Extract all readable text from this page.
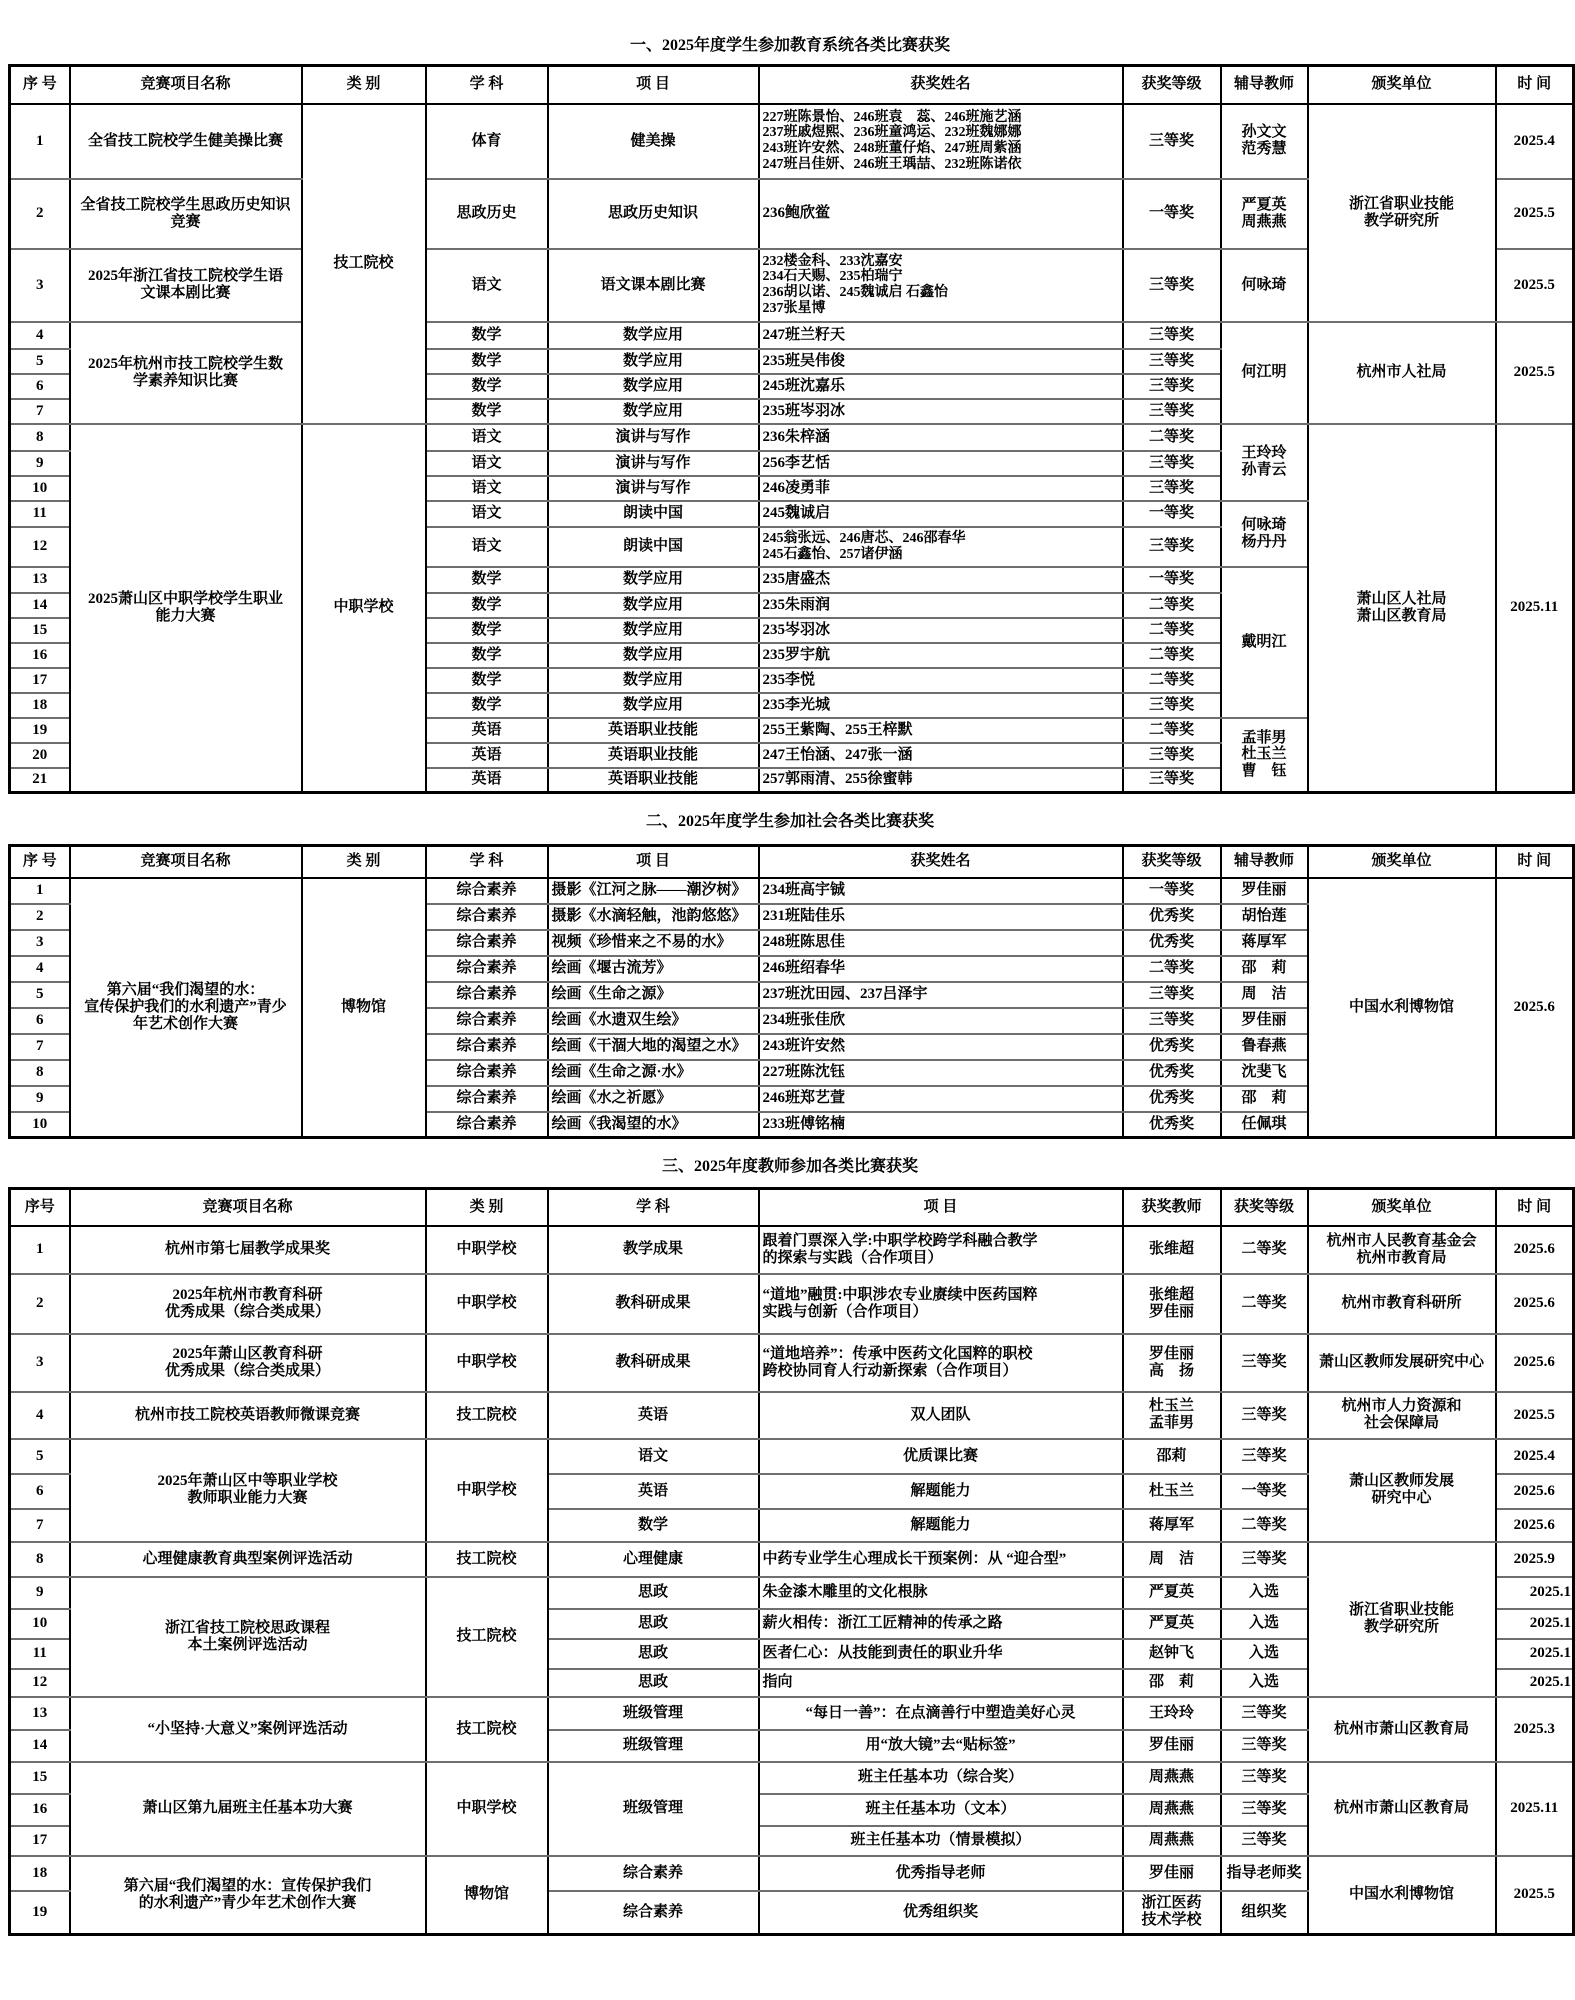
一、2025年度学生参加教育系统各类比赛获奖
序 号	竞赛项目名称	类 别	学 科	项 目	获奖姓名	获奖等级	辅导教师	颁奖单位	时 间
1	全省技工院校学生健美操比赛	技工院校	体育	健美操	227班陈景怡、246班袁　蕊、246班施艺涵
237班戚煜熙、236班童鸿运、232班魏娜娜
243班许安然、248班董仔焰、247班周紫涵
247班吕佳妍、246班王瑀喆、232班陈诺依	三等奖	孙文文
范秀慧	浙江省职业技能
教学研究所	2025.4
2	全省技工院校学生思政历史知识
竞赛		思政历史	思政历史知识	236鲍欣鲎	一等奖	严夏英
周燕燕		2025.5
3	2025年浙江省技工院校学生语
文课本剧比赛		语文	语文课本剧比赛	232楼金科、233沈嘉安
234石天赐、235柏瑞宁
236胡以诺、245魏诚启 石鑫怡
237张星博	三等奖	何咏琦		2025.5
4	2025年杭州市技工院校学生数
学素养知识比赛		数学	数学应用	247班兰籽天	三等奖	何江明	杭州市人社局	2025.5
5			数学	数学应用	235班吴伟俊	三等奖			
6			数学	数学应用	245班沈嘉乐	三等奖			
7			数学	数学应用	235班岑羽冰	三等奖			
8	2025萧山区中职学校学生职业
能力大赛	中职学校	语文	演讲与写作	236朱梓涵	二等奖	王玲玲
孙青云	萧山区人社局
萧山区教育局	2025.11
9			语文	演讲与写作	256李艺恬	三等奖			
10			语文	演讲与写作	246凌勇菲	三等奖			
11			语文	朗读中国	245魏诚启	一等奖	何咏琦
杨丹丹		
12			语文	朗读中国	245翁张远、246唐芯、246邵春华
245石鑫怡、257诸伊涵	三等奖			
13			数学	数学应用	235唐盛杰	一等奖	戴明江		
14			数学	数学应用	235朱雨润	二等奖			
15			数学	数学应用	235岑羽冰	二等奖			
16			数学	数学应用	235罗宇航	二等奖			
17			数学	数学应用	235李悦	二等奖			
18			数学	数学应用	235李光城	三等奖			
19			英语	英语职业技能	255王紫陶、255王梓默	二等奖	孟菲男
杜玉兰
曹　钰		
20			英语	英语职业技能	247王怡涵、247张一涵	三等奖			
21			英语	英语职业技能	257郭雨清、255徐蜜韩	三等奖			
二、2025年度学生参加社会各类比赛获奖
序 号	竞赛项目名称	类 别	学 科	项 目	获奖姓名	获奖等级	辅导教师	颁奖单位	时 间
1	第六届“我们渴望的水：
宣传保护我们的水利遗产”青少
年艺术创作大赛	博物馆	综合素养	摄影《江河之脉——潮汐树》	234班高宇铖	一等奖	罗佳丽	中国水利博物馆	2025.6
2			综合素养	摄影《水滴轻触，池韵悠悠》	231班陆佳乐	优秀奖	胡怡莲		
3			综合素养	视频《珍惜来之不易的水》	248班陈思佳	优秀奖	蒋厚军		
4			综合素养	绘画《堰古流芳》	246班绍春华	二等奖	邵　莉		
5			综合素养	绘画《生命之源》	237班沈田园、237吕泽宇	三等奖	周　洁		
6			综合素养	绘画《水遗双生绘》	234班张佳欣	三等奖	罗佳丽		
7			综合素养	绘画《干涸大地的渴望之水》	243班许安然	优秀奖	鲁春燕		
8			综合素养	绘画《生命之源·水》	227班陈沈钰	优秀奖	沈斐飞		
9			综合素养	绘画《水之祈愿》	246班郑艺萱	优秀奖	邵　莉		
10			综合素养	绘画《我渴望的水》	233班傅铭楠	优秀奖	任佩琪		
三、2025年度教师参加各类比赛获奖
序号	竞赛项目名称	类 别	学 科	项 目	获奖教师	获奖等级	颁奖单位	时 间
1	杭州市第七届教学成果奖	中职学校	教学成果	跟着门票深入学:中职学校跨学科融合教学
的探索与实践（合作项目）	张维超	二等奖	杭州市人民教育基金会
杭州市教育局	2025.6
2	2025年杭州市教育科研
优秀成果（综合类成果）	中职学校	教科研成果	“道地”融贯:中职涉农专业赓续中医药国粹
实践与创新（合作项目）	张维超
罗佳丽	二等奖	杭州市教育科研所	2025.6
3	2025年萧山区教育科研
优秀成果（综合类成果）	中职学校	教科研成果	“道地培养”：传承中医药文化国粹的职校
跨校协同育人行动新探索（合作项目）	罗佳丽
高　扬	三等奖	萧山区教师发展研究中心	2025.6
4	杭州市技工院校英语教师微课竞赛	技工院校	英语	双人团队	杜玉兰
孟菲男	三等奖	杭州市人力资源和
社会保障局	2025.5
5	2025年萧山区中等职业学校
教师职业能力大赛	中职学校	语文	优质课比赛	邵莉	三等奖	萧山区教师发展
研究中心	2025.4
6			英语	解题能力	杜玉兰	一等奖		2025.6
7			数学	解题能力	蒋厚军	二等奖		2025.6
8	心理健康教育典型案例评选活动	技工院校	心理健康	中药专业学生心理成长干预案例：从 “迎合型”	周　洁	三等奖	浙江省职业技能
教学研究所	2025.9
9	浙江省技工院校思政课程
本土案例评选活动	技工院校	思政	朱金漆木雕里的文化根脉	严夏英	入选		2025.1
10			思政	薪火相传：浙江工匠精神的传承之路	严夏英	入选		2025.1
11			思政	医者仁心：从技能到责任的职业升华	赵钟飞	入选		2025.1
12			思政	指向	邵　莉	入选		2025.1
13	“小坚持·大意义”案例评选活动	技工院校	班级管理	“每日一善”：在点滴善行中塑造美好心灵	王玲玲	三等奖	杭州市萧山区教育局	2025.3
14			班级管理	用“放大镜”去“贴标签”	罗佳丽	三等奖		
15	萧山区第九届班主任基本功大赛	中职学校	班级管理	班主任基本功（综合奖）	周燕燕	三等奖	杭州市萧山区教育局	2025.11
16				班主任基本功（文本）	周燕燕	三等奖		
17				班主任基本功（情景模拟）	周燕燕	三等奖		
18	第六届“我们渴望的水：宣传保护我们
的水利遗产”青少年艺术创作大赛	博物馆	综合素养	优秀指导老师	罗佳丽	指导老师奖	中国水利博物馆	2025.5
19			综合素养	优秀组织奖	浙江医药
技术学校	组织奖		
